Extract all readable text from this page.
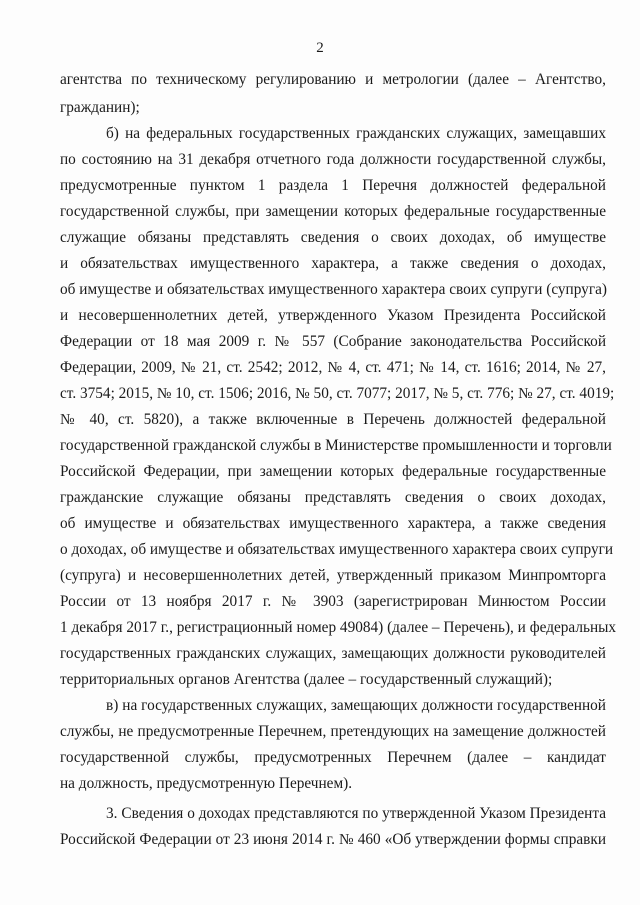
2
агентства по техническому регулированию и метрологии (далее – Агентство,
гражданин);
б) на федеральных государственных гражданских служащих, замещавших
по состоянию на 31 декабря отчетного года должности государственной службы,
предусмотренные пунктом 1 раздела 1 Перечня должностей федеральной
государственной службы, при замещении которых федеральные государственные
служащие обязаны представлять сведения о своих доходах, об имуществе
и обязательствах имущественного характера, а также сведения о доходах,
об имуществе и обязательствах имущественного характера своих супруги (супруга)
и несовершеннолетних детей, утвержденного Указом Президента Российской
Федерации от 18 мая 2009 г. № 557 (Собрание законодательства Российской
Федерации, 2009, № 21, ст. 2542; 2012, № 4, ст. 471; № 14, ст. 1616; 2014, № 27,
ст. 3754; 2015, № 10, ст. 1506; 2016, № 50, ст. 7077; 2017, № 5, ст. 776; № 27, ст. 4019;
№ 40, ст. 5820), а также включенные в Перечень должностей федеральной
государственной гражданской службы в Министерстве промышленности и торговли
Российской Федерации, при замещении которых федеральные государственные
гражданские служащие обязаны представлять сведения о своих доходах,
об имуществе и обязательствах имущественного характера, а также сведения
о доходах, об имуществе и обязательствах имущественного характера своих супруги
(супруга) и несовершеннолетних детей, утвержденный приказом Минпромторга
России от 13 ноября 2017 г. № 3903 (зарегистрирован Минюстом России
1 декабря 2017 г., регистрационный номер 49084) (далее – Перечень), и федеральных
государственных гражданских служащих, замещающих должности руководителей
территориальных органов Агентства (далее – государственный служащий);
в) на государственных служащих, замещающих должности государственной
службы, не предусмотренные Перечнем, претендующих на замещение должностей
государственной службы, предусмотренных Перечнем (далее – кандидат
на должность, предусмотренную Перечнем).
3. Сведения о доходах представляются по утвержденной Указом Президента
Российской Федерации от 23 июня 2014 г. № 460 «Об утверждении формы справки
